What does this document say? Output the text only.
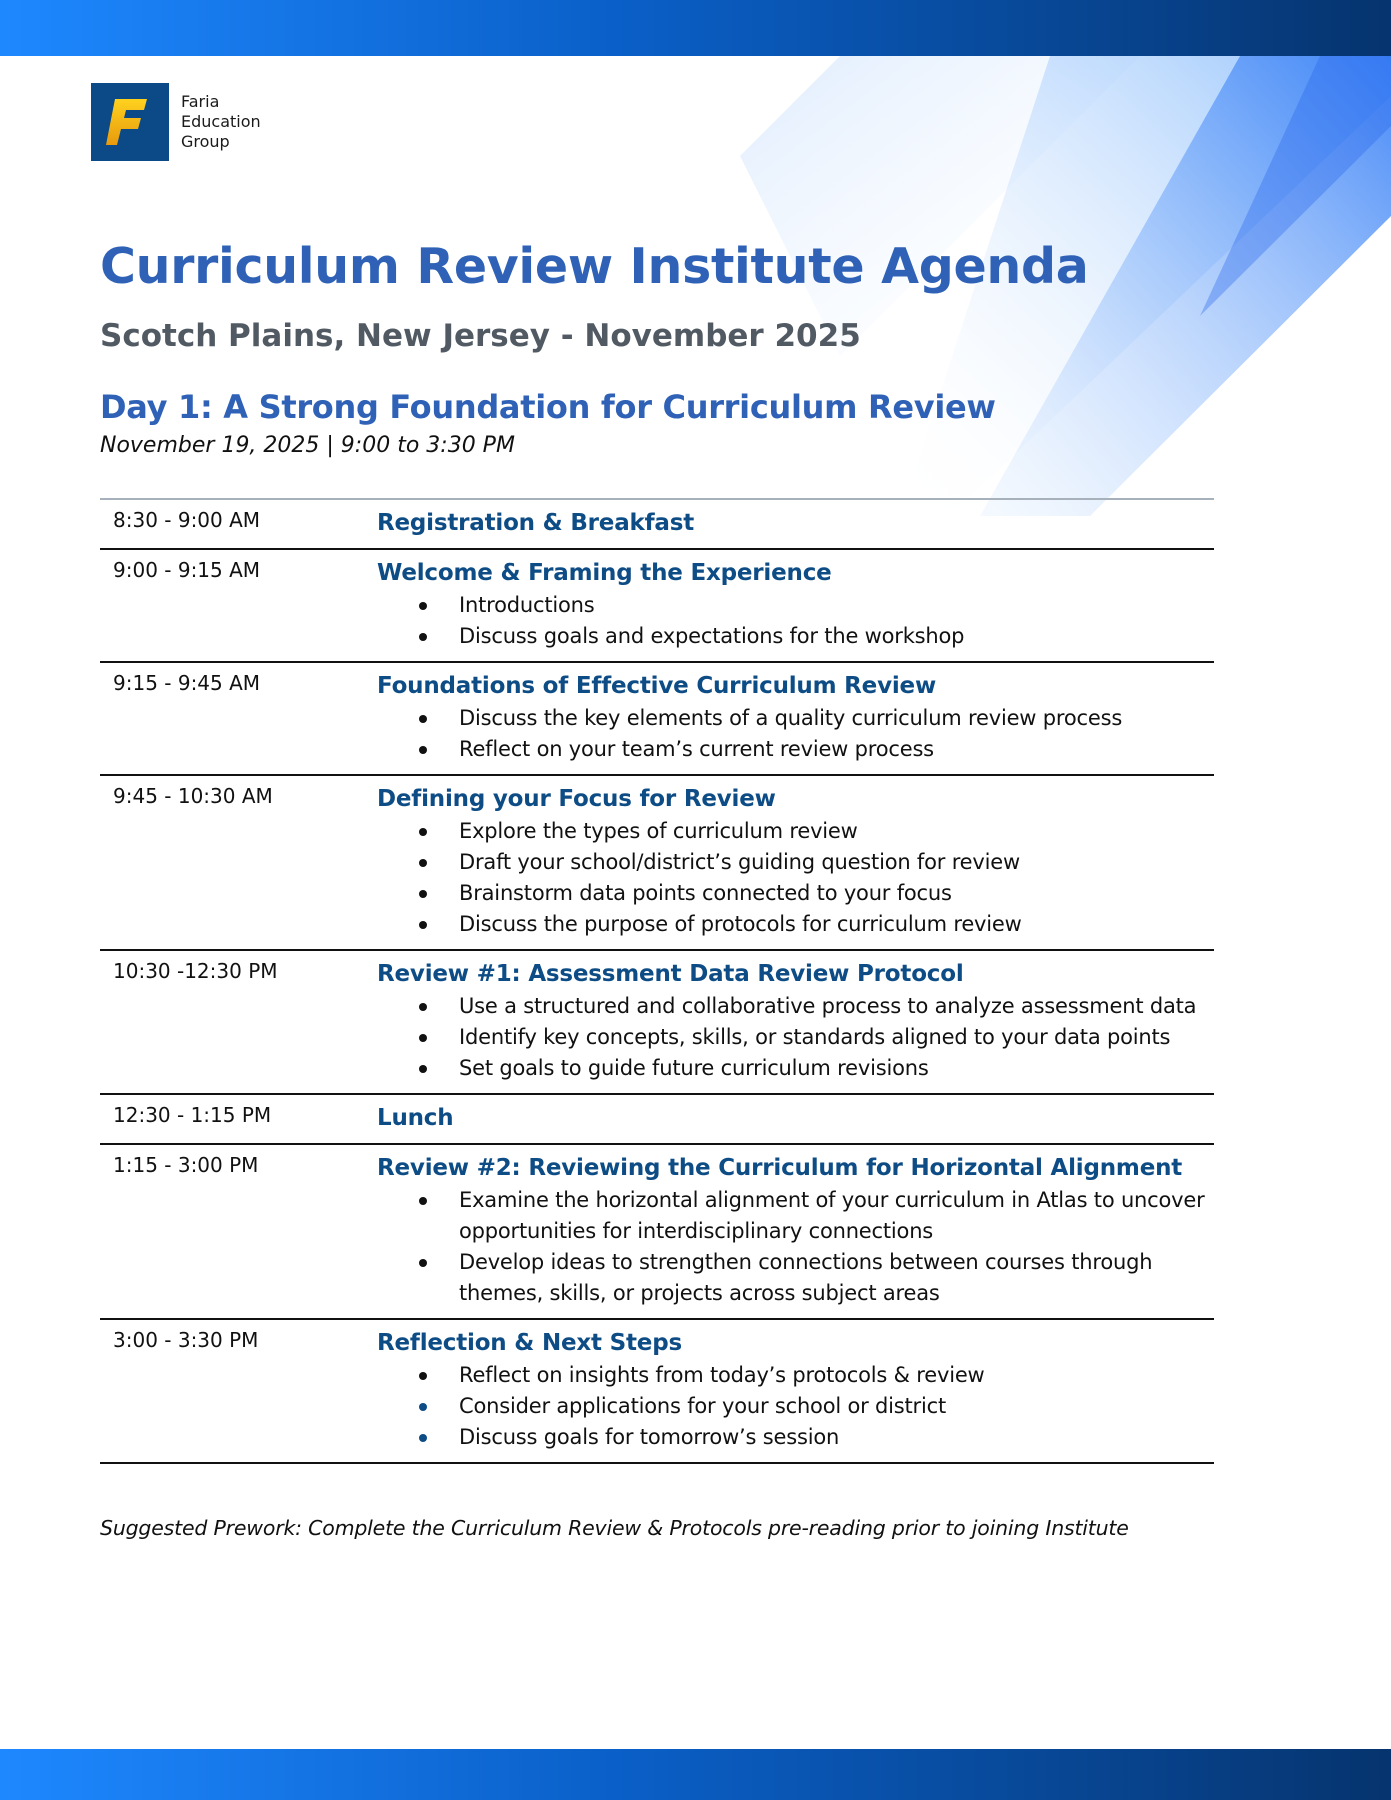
Faria
Education
Group
Curriculum Review Institute Agenda
Scotch Plains, New Jersey - November 2025
Day 1: A Strong Foundation for Curriculum Review
November 19, 2025 | 9:00 to 3:30 PM
8:30 - 9:00 AM	Registration & Breakfast
9:00 - 9:15 AM	Welcome & Framing the Experience
Introductions
Discuss goals and expectations for the workshop
9:15 - 9:45 AM	Foundations of Effective Curriculum Review
Discuss the key elements of a quality curriculum review process
Reflect on your team’s current review process
9:45 - 10:30 AM	Defining your Focus for Review
Explore the types of curriculum review
Draft your school/district’s guiding question for review
Brainstorm data points connected to your focus
Discuss the purpose of protocols for curriculum review
10:30 -12:30 PM	Review #1: Assessment Data Review Protocol
Use a structured and collaborative process to analyze assessment data
Identify key concepts, skills, or standards aligned to your data points
Set goals to guide future curriculum revisions
12:30 - 1:15 PM	Lunch
1:15 - 3:00 PM	Review #2: Reviewing the Curriculum for Horizontal Alignment
Examine the horizontal alignment of your curriculum in Atlas to uncover opportunities for interdisciplinary connections
Develop ideas to strengthen connections between courses through themes, skills, or projects across subject areas
3:00 - 3:30 PM	Reflection & Next Steps
Reflect on insights from today’s protocols & review
Consider applications for your school or district
Discuss goals for tomorrow’s session
Suggested Prework: Complete the Curriculum Review & Protocols pre-reading prior to joining Institute
